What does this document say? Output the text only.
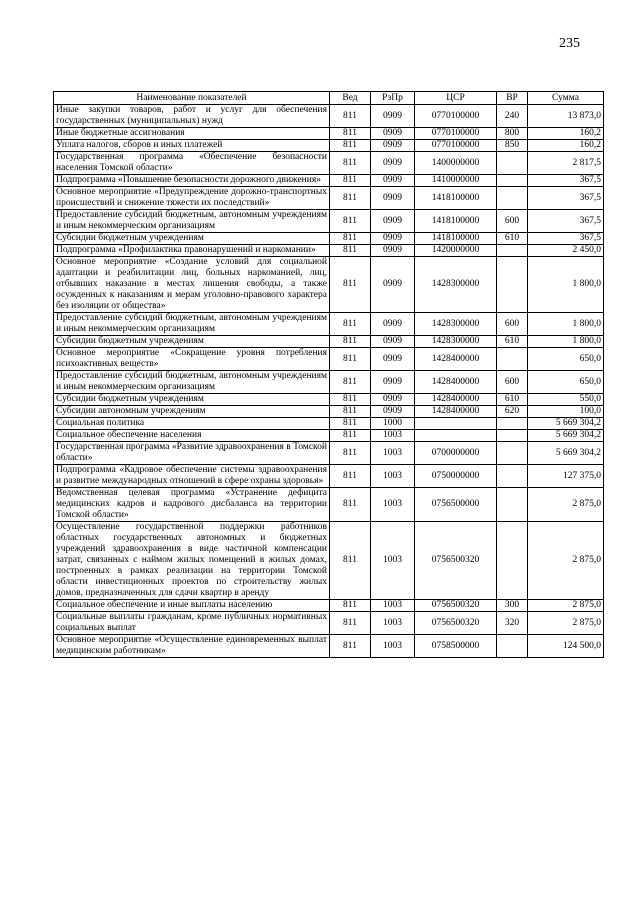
235
Наименование показателей	Вед	РзПр	ЦСР	ВР	Сумма
Иные закупки товаров, работ и услуг для обеспечения государственных (муниципальных) нужд	811	0909	0770100000	240	13 873,0
Иные бюджетные ассигнования	811	0909	0770100000	800	160,2
Уплата налогов, сборов и иных платежей	811	0909	0770100000	850	160,2
Государственная программа «Обеспечение безопасности населения Томской области»	811	0909	1400000000		2 817,5
Подпрограмма «Повышение безопасности дорожного движения»	811	0909	1410000000		367,5
Основное мероприятие «Предупреждение дорожно-транспортных происшествий и снижение тяжести их последствий»	811	0909	1418100000		367,5
Предоставление субсидий бюджетным, автономным учреждениям и иным некоммерческим организациям	811	0909	1418100000	600	367,5
Субсидии бюджетным учреждениям	811	0909	1418100000	610	367,5
Подпрограмма «Профилактика правонарушений и наркомании»	811	0909	1420000000		2 450,0
Основное мероприятие «Создание условий для социальной адаптации и реабилитации лиц, больных наркоманией, лиц, отбывших наказание в местах лишения свободы, а также осужденных к наказаниям и мерам уголовно-правового характера без изоляции от общества»	811	0909	1428300000		1 800,0
Предоставление субсидий бюджетным, автономным учреждениям и иным некоммерческим организациям	811	0909	1428300000	600	1 800,0
Субсидии бюджетным учреждениям	811	0909	1428300000	610	1 800,0
Основное мероприятие «Сокращение уровня потребления психоактивных веществ»	811	0909	1428400000		650,0
Предоставление субсидий бюджетным, автономным учреждениям и иным некоммерческим организациям	811	0909	1428400000	600	650,0
Субсидии бюджетным учреждениям	811	0909	1428400000	610	550,0
Субсидии автономным учреждениям	811	0909	1428400000	620	100,0
Социальная политика	811	1000			5 669 304,2
Социальное обеспечение населения	811	1003			5 669 304,2
Государственная программа «Развитие здравоохранения в Томской области»	811	1003	0700000000		5 669 304,2
Подпрограмма «Кадровое обеспечение системы здравоохранения и развитие международных отношений в сфере охраны здоровья»	811	1003	0750000000		127 375,0
Ведомственная целевая программа «Устранение дефицита медицинских кадров и кадрового дисбаланса на территории Томской области»	811	1003	0756500000		2 875,0
Осуществление государственной поддержки работников областных государственных автономных и бюджетных учреждений здравоохранения в виде частичной компенсации затрат, связанных с наймом жилых помещений в жилых домах, построенных в рамках реализации на территории Томской области инвестиционных проектов по строительству жилых домов, предназначенных для сдачи квартир в аренду	811	1003	0756500320		2 875,0
Социальное обеспечение и иные выплаты населению	811	1003	0756500320	300	2 875,0
Социальные выплаты гражданам, кроме публичных нормативных социальных выплат	811	1003	0756500320	320	2 875,0
Основное мероприятие «Осуществление единовременных выплат медицинским работникам»	811	1003	0758500000		124 500,0
